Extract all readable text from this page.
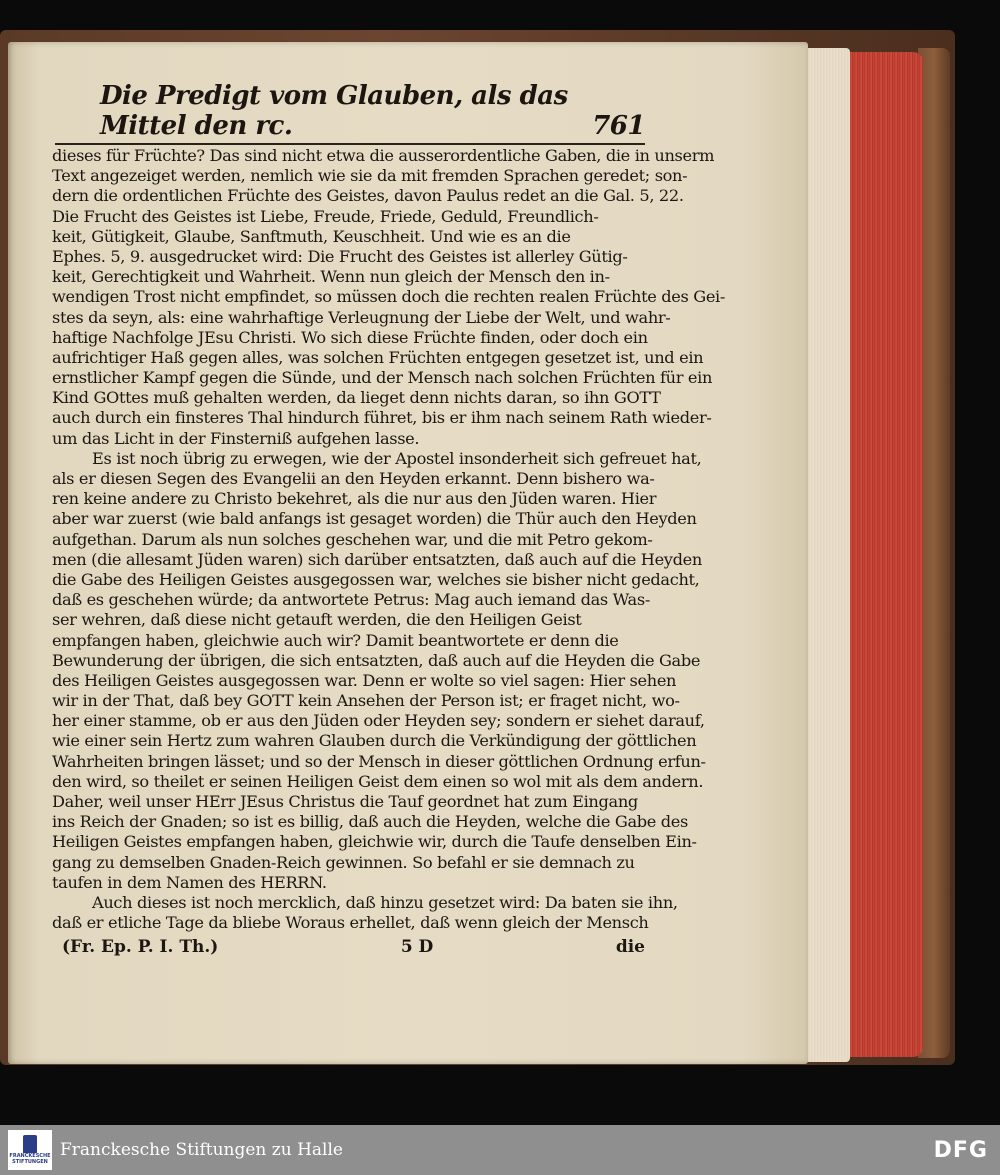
Die Predigt vom Glauben, als das Mittel den rc.	761
dieses für Früchte? Das sind nicht etwa die ausserordentliche Gaben, die in unserm
Text angezeiget werden, nemlich wie sie da mit fremden Sprachen geredet; son-
dern die ordentlichen Früchte des Geistes, davon Paulus redet an die Gal. 5, 22.
Die Frucht des Geistes ist Liebe, Freude, Friede, Geduld, Freundlich-
keit, Gütigkeit, Glaube, Sanftmuth, Keuschheit. Und wie es an die
Ephes. 5, 9. ausgedrucket wird: Die Frucht des Geistes ist allerley Gütig-
keit, Gerechtigkeit und Wahrheit. Wenn nun gleich der Mensch den in-
wendigen Trost nicht empfindet, so müssen doch die rechten realen Früchte des Gei-
stes da seyn, als: eine wahrhaftige Verleugnung der Liebe der Welt, und wahr-
haftige Nachfolge JEsu Christi. Wo sich diese Früchte finden, oder doch ein
aufrichtiger Haß gegen alles, was solchen Früchten entgegen gesetzet ist, und ein
ernstlicher Kampf gegen die Sünde, und der Mensch nach solchen Früchten für ein
Kind GOttes muß gehalten werden, da lieget denn nichts daran, so ihn GOTT
auch durch ein finsteres Thal hindurch führet, bis er ihm nach seinem Rath wieder-
um das Licht in der Finsterniß aufgehen lasse.
Es ist noch übrig zu erwegen, wie der Apostel insonderheit sich gefreuet hat,
als er diesen Segen des Evangelii an den Heyden erkannt. Denn bishero wa-
ren keine andere zu Christo bekehret, als die nur aus den Jüden waren. Hier
aber war zuerst (wie bald anfangs ist gesaget worden) die Thür auch den Heyden
aufgethan. Darum als nun solches geschehen war, und die mit Petro gekom-
men (die allesamt Jüden waren) sich darüber entsatzten, daß auch auf die Heyden
die Gabe des Heiligen Geistes ausgegossen war, welches sie bisher nicht gedacht,
daß es geschehen würde; da antwortete Petrus: Mag auch iemand das Was-
ser wehren, daß diese nicht getauft werden, die den Heiligen Geist
empfangen haben, gleichwie auch wir? Damit beantwortete er denn die
Bewunderung der übrigen, die sich entsatzten, daß auch auf die Heyden die Gabe
des Heiligen Geistes ausgegossen war. Denn er wolte so viel sagen: Hier sehen
wir in der That, daß bey GOTT kein Ansehen der Person ist; er fraget nicht, wo-
her einer stamme, ob er aus den Jüden oder Heyden sey; sondern er siehet darauf,
wie einer sein Hertz zum wahren Glauben durch die Verkündigung der göttlichen
Wahrheiten bringen lässet; und so der Mensch in dieser göttlichen Ordnung erfun-
den wird, so theilet er seinen Heiligen Geist dem einen so wol mit als dem andern.
Daher, weil unser HErr JEsus Christus die Tauf geordnet hat zum Eingang
ins Reich der Gnaden; so ist es billig, daß auch die Heyden, welche die Gabe des
Heiligen Geistes empfangen haben, gleichwie wir, durch die Taufe denselben Ein-
gang zu demselben Gnaden-Reich gewinnen. So befahl er sie demnach zu
taufen in dem Namen des HERRN.
Auch dieses ist noch mercklich, daß hinzu gesetzet wird: Da baten sie ihn,
daß er etliche Tage da bliebe Woraus erhellet, daß wenn gleich der Mensch
(Fr. Ep. P. I. Th.)	5 D	die
FRANCKESCHE STIFTUNGEN
Franckesche Stiftungen zu Halle	DFG
